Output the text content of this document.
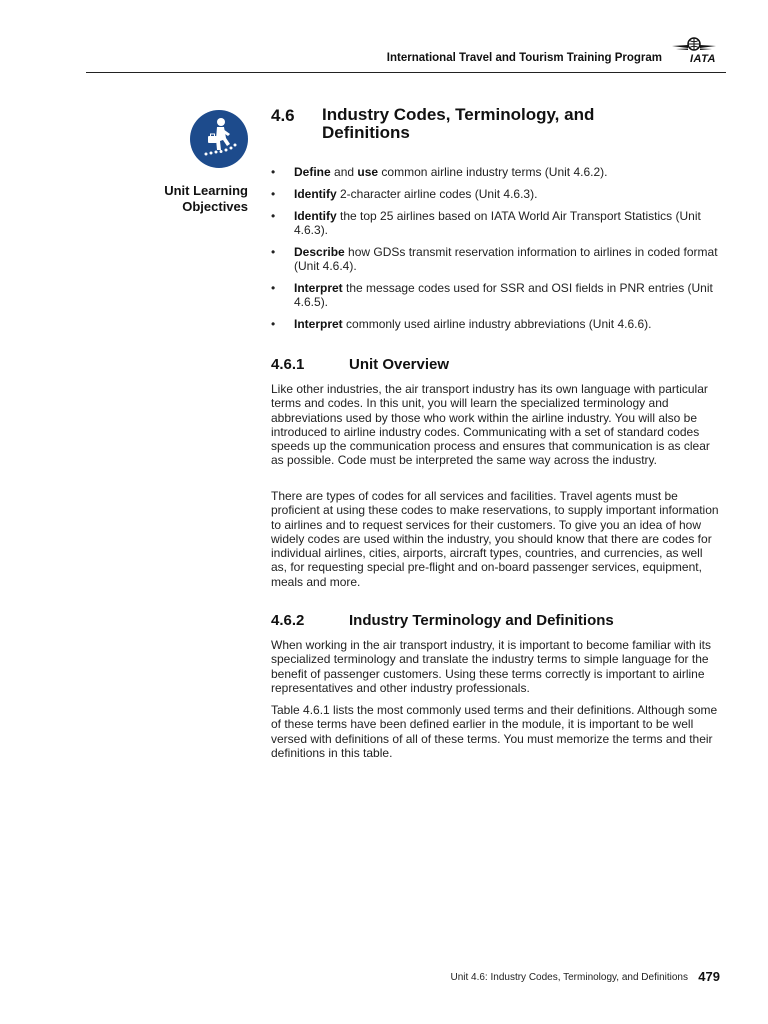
International Travel and Tourism Training Program	IATA
Unit Learning Objectives
4.6 Industry Codes, Terminology, and Definitions
• Define and use common airline industry terms (Unit 4.6.2).
• Identify 2-character airline codes (Unit 4.6.3).
• Identify the top 25 airlines based on IATA World Air Transport Statistics (Unit 4.6.3).
• Describe how GDSs transmit reservation information to airlines in coded format (Unit 4.6.4).
• Interpret the message codes used for SSR and OSI fields in PNR entries (Unit 4.6.5).
• Interpret commonly used airline industry abbreviations (Unit 4.6.6).
4.6.1	Unit Overview

Like other industries, the air transport industry has its own language with particular terms and codes. In this unit, you will learn the specialized terminology and abbreviations used by those who work within the airline industry. You will also be introduced to airline industry codes. Communicating with a set of standard codes speeds up the communication process and ensures that communication is as clear as possible. Code must be interpreted the same way across the industry.

There are types of codes for all services and facilities. Travel agents must be proficient at using these codes to make reservations, to supply important information to airlines and to request services for their customers. To give you an idea of how widely codes are used within the industry, you should know that there are codes for individual airlines, cities, airports, aircraft types, countries, and currencies, as well as, for requesting special pre-flight and on-board passenger services, equipment, meals and more.

4.6.2	Industry Terminology and Definitions

When working in the air transport industry, it is important to become familiar with its specialized terminology and translate the industry terms to simple language for the benefit of passenger customers. Using these terms correctly is important to airline representatives and other industry professionals.

Table 4.6.1 lists the most commonly used terms and their definitions. Although some of these terms have been defined earlier in the module, it is important to be well versed with definitions of all of these terms. You must memorize the terms and their definitions in this table.

Unit 4.6: Industry Codes, Terminology, and Definitions 479
